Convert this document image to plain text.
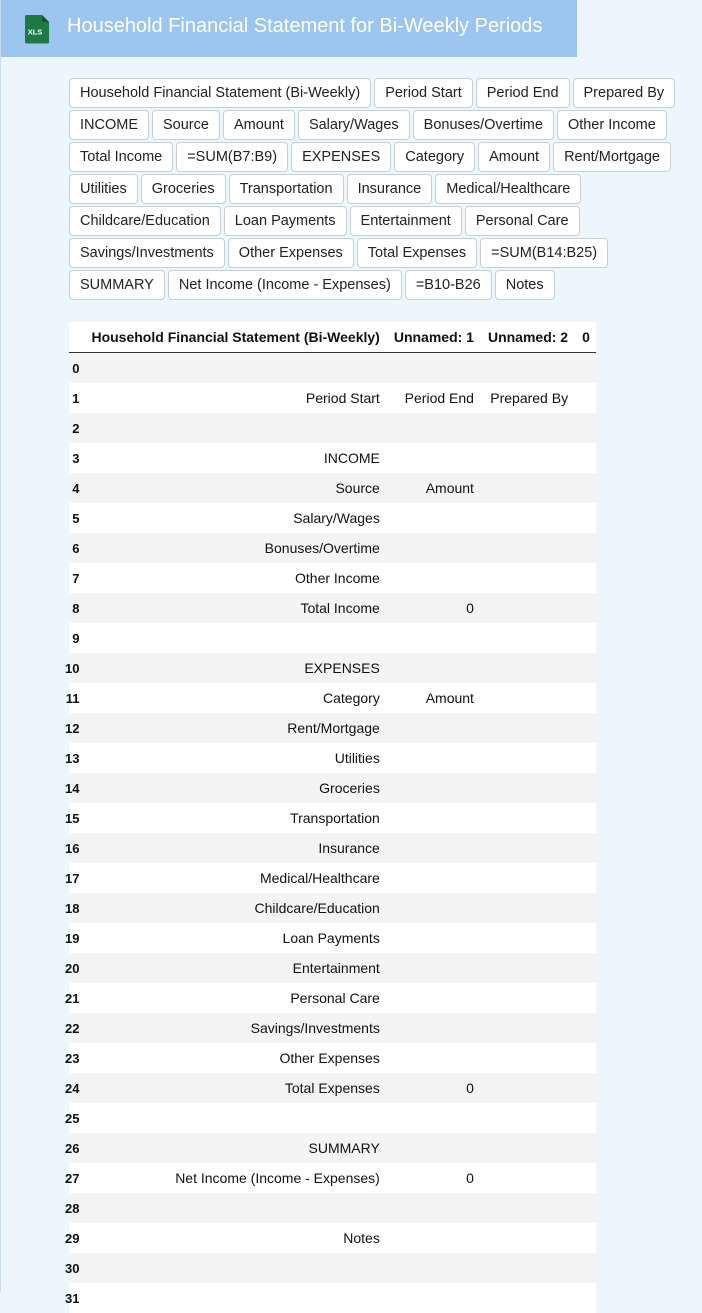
XLS Household Financial Statement for Bi-Weekly Periods
Household Financial Statement (Bi-Weekly)	Period Start	Period End	Prepared By
INCOME	Source	Amount	Salary/Wages	Bonuses/Overtime	Other Income
Total Income	=SUM(B7:B9)	EXPENSES	Category	Amount	Rent/Mortgage
Utilities	Groceries	Transportation	Insurance	Medical/Healthcare
Childcare/Education	Loan Payments	Entertainment	Personal Care
Savings/Investments	Other Expenses	Total Expenses	=SUM(B14:B25)
SUMMARY	Net Income (Income - Expenses)	=B10-B26	Notes
	Household Financial Statement (Bi-Weekly)	Unnamed: 1	Unnamed: 2	0
0				
1	Period Start	Period End	Prepared By	
2				
3	INCOME			
4	Source	Amount		
5	Salary/Wages			
6	Bonuses/Overtime			
7	Other Income			
8	Total Income	0		
9				
10	EXPENSES			
11	Category	Amount		
12	Rent/Mortgage			
13	Utilities			
14	Groceries			
15	Transportation			
16	Insurance			
17	Medical/Healthcare			
18	Childcare/Education			
19	Loan Payments			
20	Entertainment			
21	Personal Care			
22	Savings/Investments			
23	Other Expenses			
24	Total Expenses	0		
25				
26	SUMMARY			
27	Net Income (Income - Expenses)	0		
28				
29	Notes			
30				
31				
